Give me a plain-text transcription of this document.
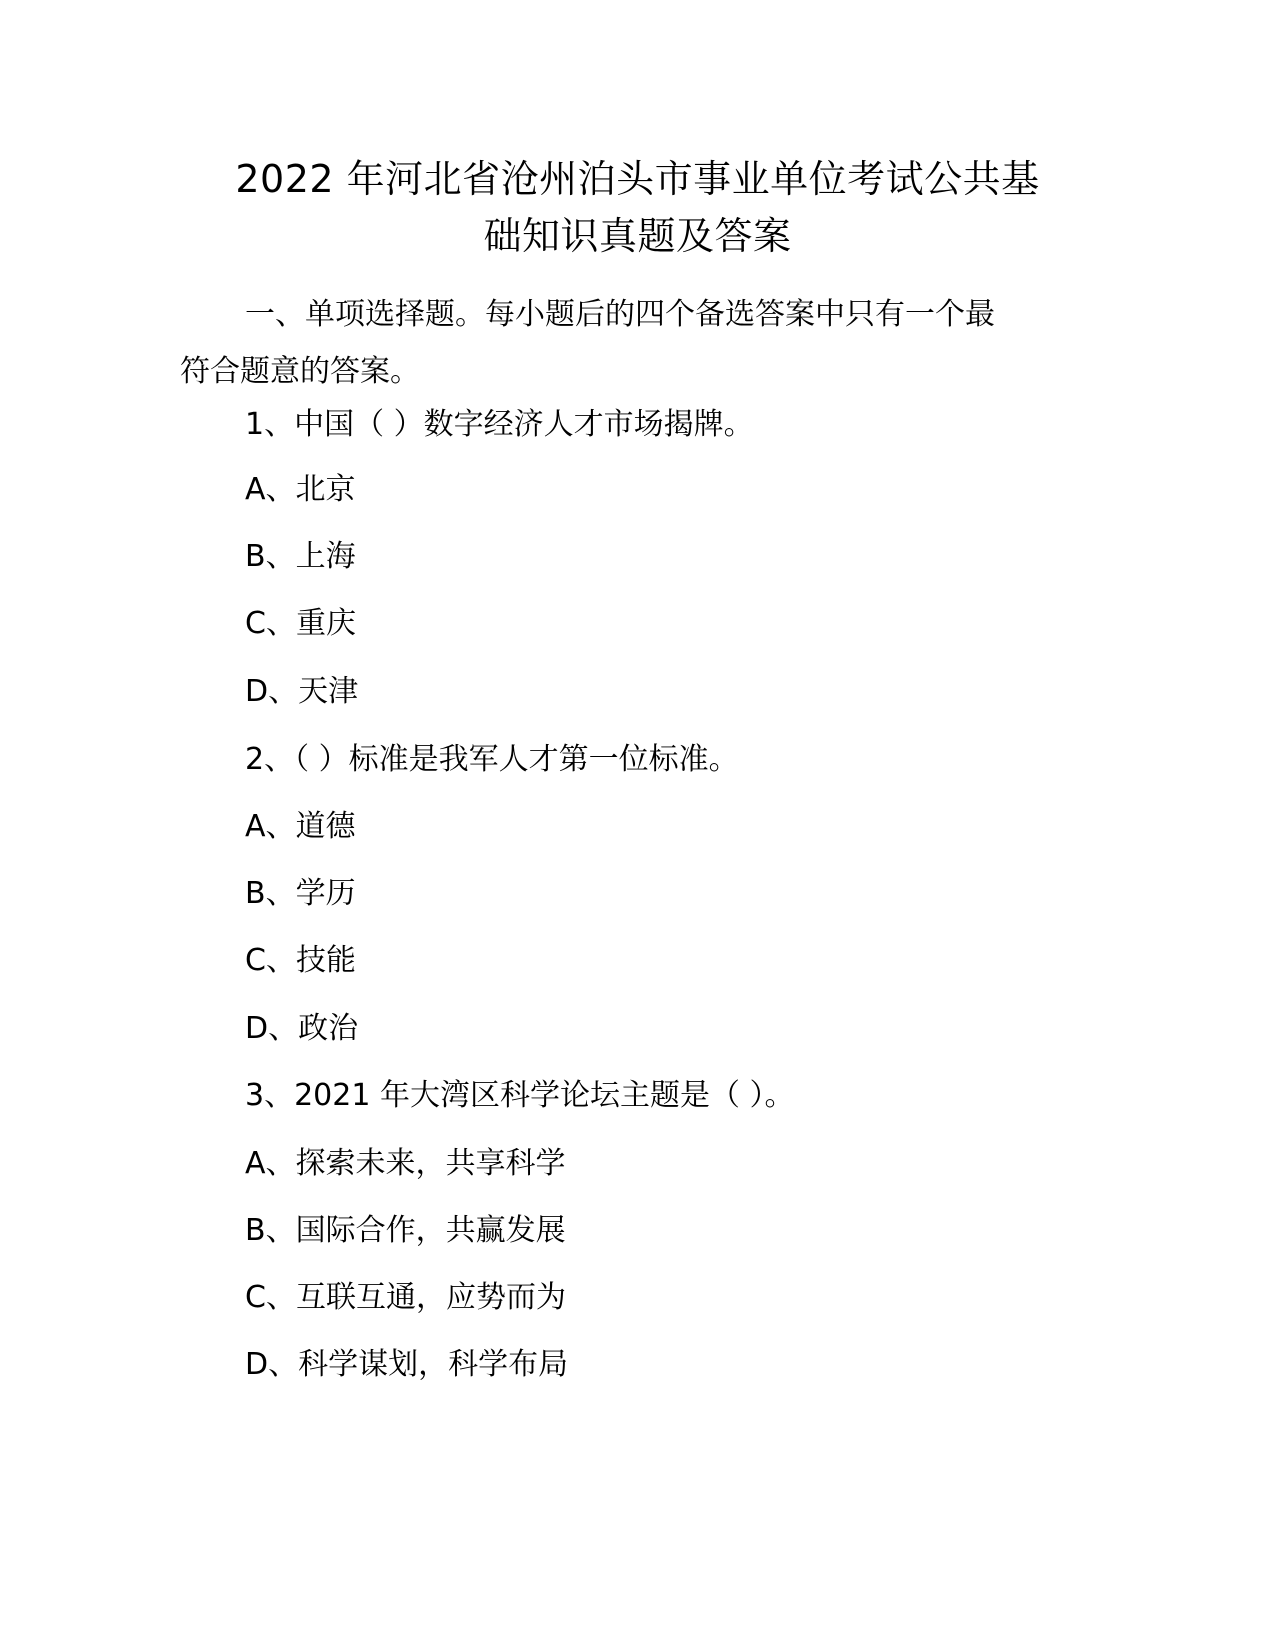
2022 年河北省沧州泊头市事业单位考试公共基
础知识真题及答案

一、单项选择题。每小题后的四个备选答案中只有一个最

符合题意的答案。

1、中国（ ）数字经济人才市场揭牌。

A、北京

B、上海

C、重庆

D、天津

2、（ ）标准是我军人才第一位标准。

A、道德

B、学历

C、技能

D、政治

3、2021 年大湾区科学论坛主题是（ ）。

A、探索未来，共享科学

B、国际合作，共赢发展

C、互联互通，应势而为

D、科学谋划，科学布局
